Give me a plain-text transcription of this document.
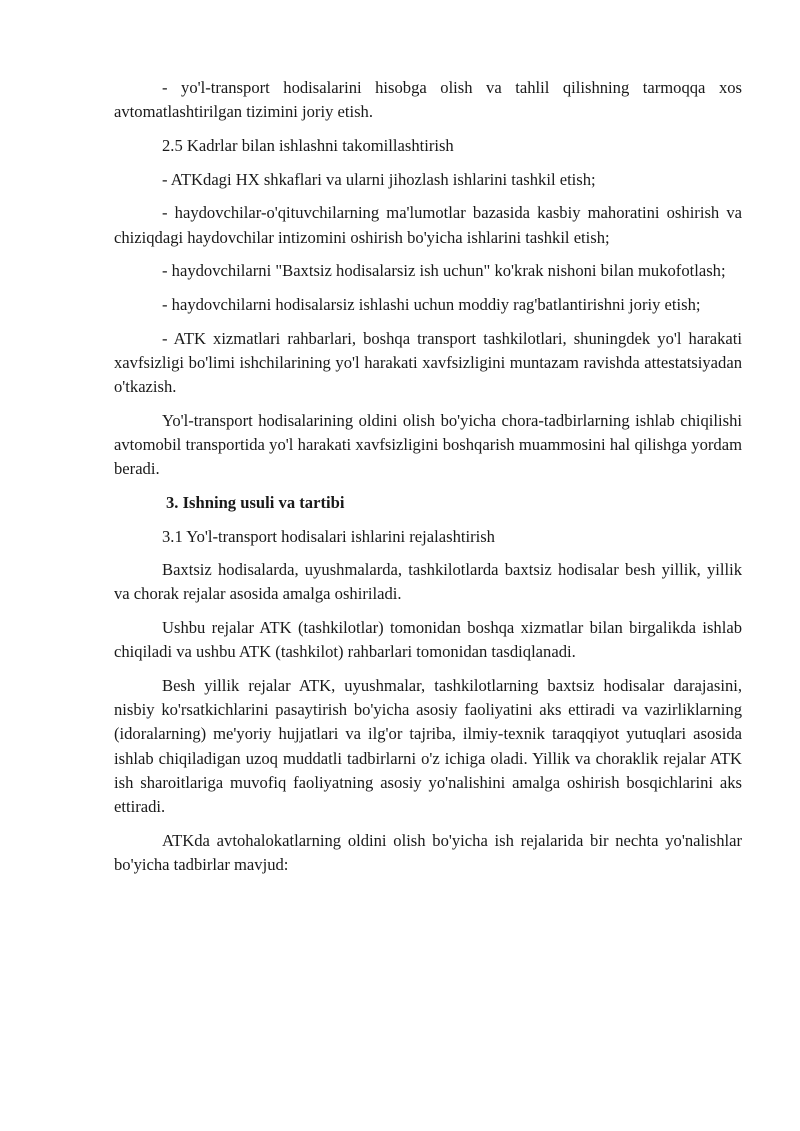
- yo'l-transport hodisalarini hisobga olish va tahlil qilishning tarmoqqa xos avtomatlashtirilgan tizimini joriy etish.

2.5 Kadrlar bilan ishlashni takomillashtirish

- ATKdagi HX shkaflari va ularni jihozlash ishlarini tashkil etish;

- haydovchilar-o'qituvchilarning ma'lumotlar bazasida kasbiy mahoratini oshirish va chiziqdagi haydovchilar intizomini oshirish bo'yicha ishlarini tashkil etish;

- haydovchilarni "Baxtsiz hodisalarsiz ish uchun" ko'krak nishoni bilan mukofotlash;

- haydovchilarni hodisalarsiz ishlashi uchun moddiy rag'batlantirishni joriy etish;

- ATK xizmatlari rahbarlari, boshqa transport tashkilotlari, shuningdek yo'l harakati xavfsizligi bo'limi ishchilarining yo'l harakati xavfsizligini muntazam ravishda attestatsiyadan o'tkazish.

Yo'l-transport hodisalarining oldini olish bo'yicha chora-tadbirlarning ishlab chiqilishi avtomobil transportida yo'l harakati xavfsizligini boshqarish muammosini hal qilishga yordam beradi.

3. Ishning usuli va tartibi

3.1 Yo'l-transport hodisalari ishlarini rejalashtirish

Baxtsiz hodisalarda, uyushmalarda, tashkilotlarda baxtsiz hodisalar besh yillik, yillik va chorak rejalar asosida amalga oshiriladi.

Ushbu rejalar ATK (tashkilotlar) tomonidan boshqa xizmatlar bilan birgalikda ishlab chiqiladi va ushbu ATK (tashkilot) rahbarlari tomonidan tasdiqlanadi.

Besh yillik rejalar ATK, uyushmalar, tashkilotlarning baxtsiz hodisalar darajasini, nisbiy ko'rsatkichlarini pasaytirish bo'yicha asosiy faoliyatini aks ettiradi va vazirliklarning (idoralarning) me'yoriy hujjatlari va ilg'or tajriba, ilmiy-texnik taraqqiyot yutuqlari asosida ishlab chiqiladigan uzoq muddatli tadbirlarni o'z ichiga oladi. Yillik va choraklik rejalar ATK ish sharoitlariga muvofiq faoliyatning asosiy yo'nalishini amalga oshirish bosqichlarini aks ettiradi.

ATKda avtohalokatlarning oldini olish bo'yicha ish rejalarida bir nechta yo'nalishlar bo'yicha tadbirlar mavjud:
